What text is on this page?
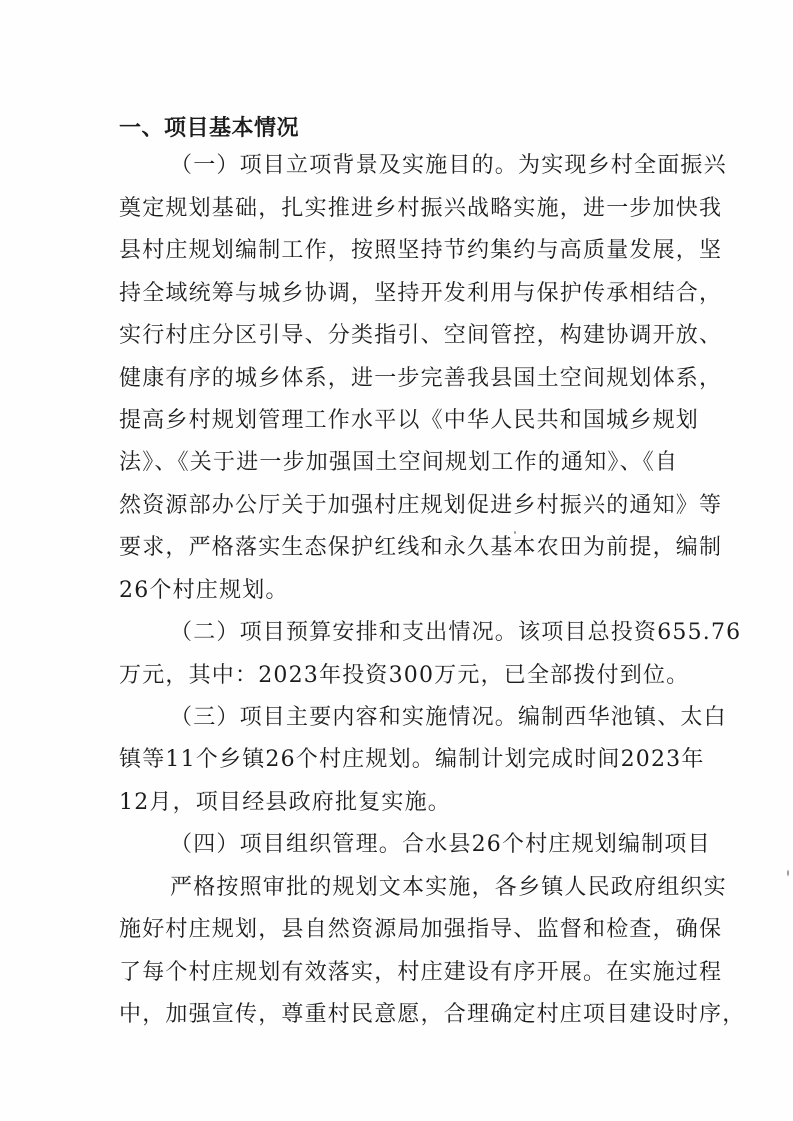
一、项目基本情况

（一）项目立项背景及实施目的。为实现乡村全面振兴

奠定规划基础，扎实推进乡村振兴战略实施，进一步加快我

县村庄规划编制工作，按照坚持节约集约与高质量发展，坚

持全域统筹与城乡协调，坚持开发利用与保护传承相结合，

实行村庄分区引导、分类指引、空间管控，构建协调开放、

健康有序的城乡体系，进一步完善我县国土空间规划体系，

提高乡村规划管理工作水平以《中华人民共和国城乡规划

法》、《关于进一步加强国土空间规划工作的通知》、《自

然资源部办公厅关于加强村庄规划促进乡村振兴的通知》等

要求，严格落实生态保护红线和永久基本农田为前提，编制

26个村庄规划。

（二）项目预算安排和支出情况。该项目总投资655.76

万元，其中：2023年投资300万元，已全部拨付到位。

（三）项目主要内容和实施情况。编制西华池镇、太白

镇等11个乡镇26个村庄规划。编制计划完成时间2023年

12月，项目经县政府批复实施。

（四）项目组织管理。合水县26个村庄规划编制项目

严格按照审批的规划文本实施，各乡镇人民政府组织实

施好村庄规划，县自然资源局加强指导、监督和检查，确保

了每个村庄规划有效落实，村庄建设有序开展。在实施过程

中，加强宣传，尊重村民意愿，合理确定村庄项目建设时序，
